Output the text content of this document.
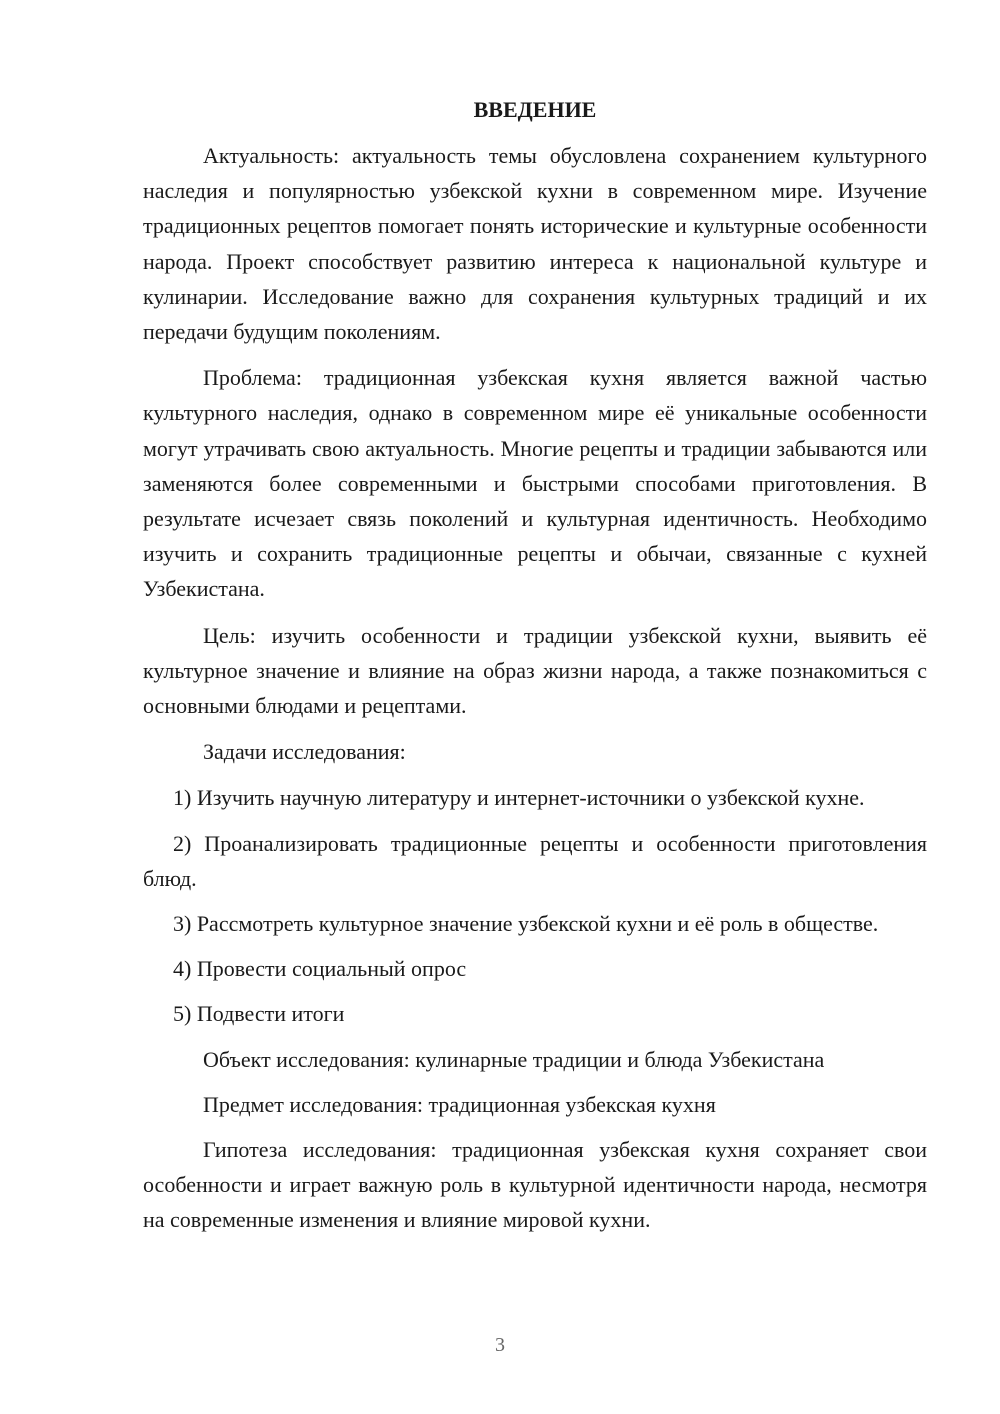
ВВЕДЕНИЕ

Актуальность: актуальность темы обусловлена сохранением культурного наследия и популярностью узбекской кухни в современном мире. Изучение традиционных рецептов помогает понять исторические и культурные особенности народа. Проект способствует развитию интереса к национальной культуре и кулинарии. Исследование важно для сохранения культурных традиций и их передачи будущим поколениям.

Проблема: традиционная узбекская кухня является важной частью культурного наследия, однако в современном мире её уникальные особенности могут утрачивать свою актуальность. Многие рецепты и традиции забываются или заменяются более современными и быстрыми способами приготовления. В результате исчезает связь поколений и культурная идентичность. Необходимо изучить и сохранить традиционные рецепты и обычаи, связанные с кухней Узбекистана.

Цель: изучить особенности и традиции узбекской кухни, выявить её культурное значение и влияние на образ жизни народа, а также познакомиться с основными блюдами и рецептами.

Задачи исследования:

1) Изучить научную литературу и интернет-источники о узбекской кухне.

2) Проанализировать традиционные рецепты и особенности приготовления блюд.

3) Рассмотреть культурное значение узбекской кухни и её роль в обществе.

4) Провести социальный опрос

5) Подвести итоги

Объект исследования: кулинарные традиции и блюда Узбекистана

Предмет исследования: традиционная узбекская кухня

Гипотеза исследования: традиционная узбекская кухня сохраняет свои особенности и играет важную роль в культурной идентичности народа, несмотря на современные изменения и влияние мировой кухни.

3
